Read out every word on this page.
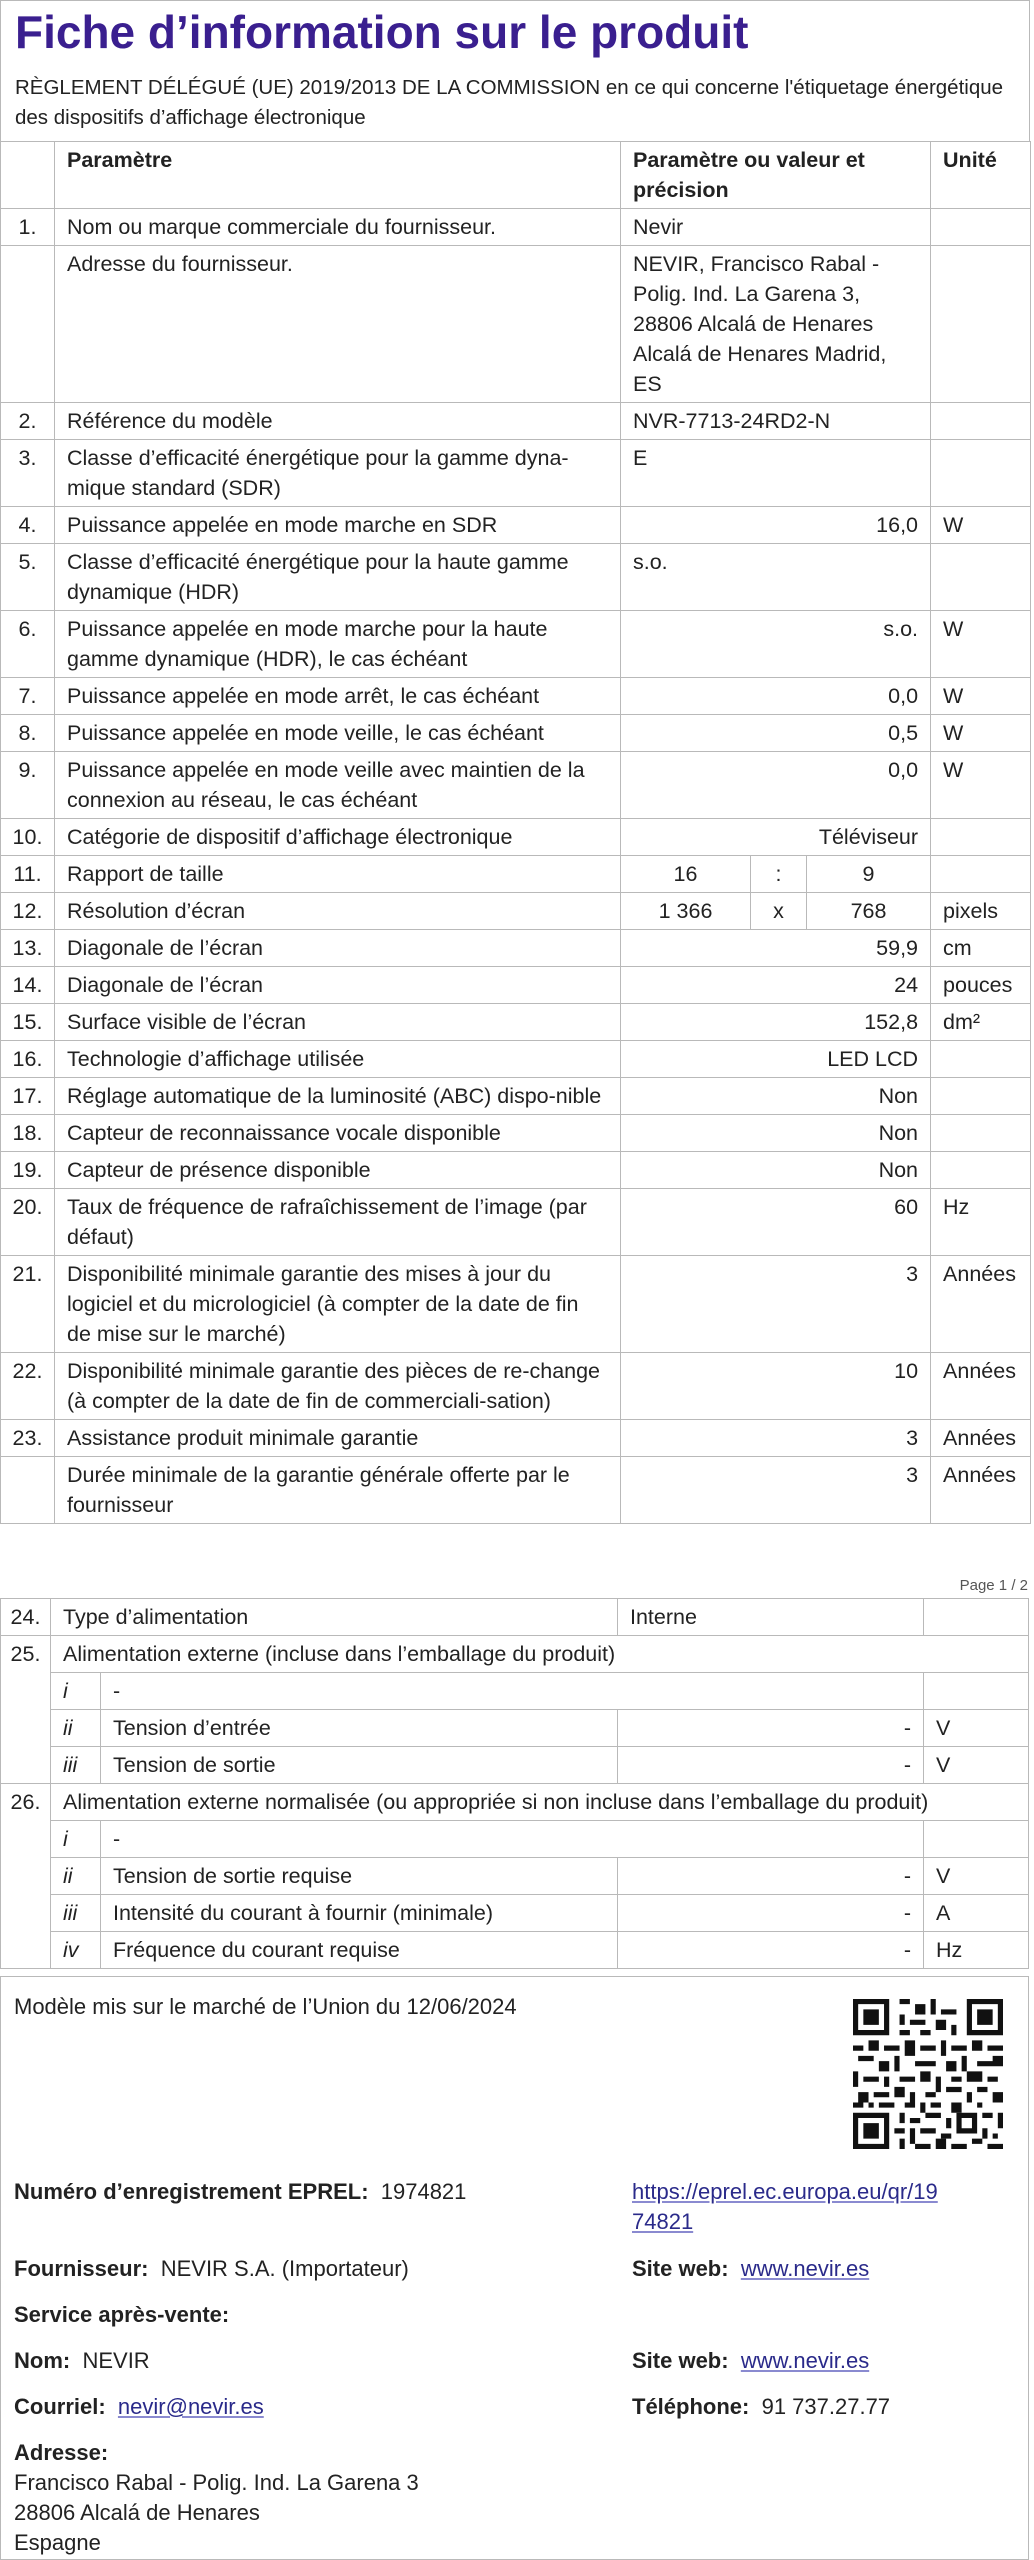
Fiche d’information sur le produit
RÈGLEMENT DÉLÉGUÉ (UE) 2019/2013 DE LA COMMISSION en ce qui concerne l'étiquetage énergétique des dispositifs d’affichage électronique
	Paramètre	Paramètre ou valeur et précision			Unité
1.	Nom ou marque commerciale du fournisseur.	Nevir			
	Adresse du fournisseur.	NEVIR, Francisco Rabal - Polig. Ind. La Garena 3, 28806 Alcalá de Henares Alcalá de Henares Madrid, ES			
2.	Référence du modèle	NVR-7713-24RD2-N			
3.	Classe d’efficacité énergétique pour la gamme dyna-mique standard (SDR)	E			
4.	Puissance appelée en mode marche en SDR	16,0			W
5.	Classe d’efficacité énergétique pour la haute gamme dynamique (HDR)	s.o.			
6.	Puissance appelée en mode marche pour la haute gamme dynamique (HDR), le cas échéant	s.o.			W
7.	Puissance appelée en mode arrêt, le cas échéant	0,0			W
8.	Puissance appelée en mode veille, le cas échéant	0,5			W
9.	Puissance appelée en mode veille avec maintien de la connexion au réseau, le cas échéant	0,0			W
10.	Catégorie de dispositif d’affichage électronique	Téléviseur			
11.	Rapport de taille	16	:	9	
12.	Résolution d’écran	1 366	x	768	pixels
13.	Diagonale de l’écran	59,9			cm
14.	Diagonale de l’écran	24			pouces
15.	Surface visible de l’écran	152,8			dm²
16.	Technologie d’affichage utilisée	LED LCD			
17.	Réglage automatique de la luminosité (ABC) dispo-nible	Non			
18.	Capteur de reconnaissance vocale disponible	Non			
19.	Capteur de présence disponible	Non			
20.	Taux de fréquence de rafraîchissement de l’image (par défaut)	60			Hz
21.	Disponibilité minimale garantie des mises à jour du logiciel et du micrologiciel (à compter de la date de fin de mise sur le marché)	3			Années
22.	Disponibilité minimale garantie des pièces de re-change (à compter de la date de fin de commerciali-sation)	10			Années
23.	Assistance produit minimale garantie	3			Années
	Durée minimale de la garantie générale offerte par le fournisseur	3			Années
Page 1 / 2
24.	Type d’alimentation		Interne	
25.	Alimentation externe (incluse dans l’emballage du produit)			
	i	-		
	ii	Tension d’entrée	-	V
	iii	Tension de sortie	-	V
26.	Alimentation externe normalisée (ou appropriée si non incluse dans l’emballage du produit)			
	i	-		
	ii	Tension de sortie requise	-	V
	iii	Intensité du courant à fournir (minimale)	-	A
	iv	Fréquence du courant requise	-	Hz
Modèle mis sur le marché de l’Union du 12/06/2024
Numéro d’enregistrement EPREL: 1974821	https://eprel.ec.europa.eu/qr/19
74821
Fournisseur: NEVIR S.A. (Importateur)	Site web: www.nevir.es
Service après-vente:
Nom: NEVIR	Site web: www.nevir.es
Courriel: nevir@nevir.es	Téléphone: 91 737.27.77
Adresse:
Francisco Rabal - Polig. Ind. La Garena 3
28806 Alcalá de Henares
Espagne
